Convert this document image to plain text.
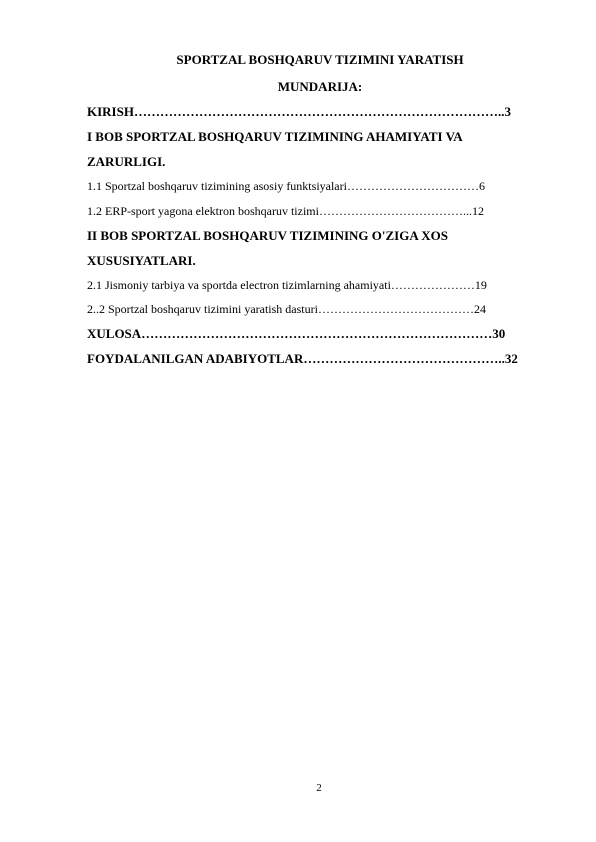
SPORTZAL BOSHQARUV TIZIMINI YARATISH
MUNDARIJA:
KIRISH…………………………………………………………………………..3
I BOB SPORTZAL BOSHQARUV TIZIMINING AHAMIYATI VA
ZARURLIGI.
1.1 Sportzal boshqaruv tizimining asosiy funktsiyalari……………………………6
1.2 ERP-sport yagona elektron boshqaruv tizimi………………………………...12
II BOB SPORTZAL BOSHQARUV TIZIMINING O'ZIGA XOS
XUSUSIYATLARI.
2.1 Jismoniy tarbiya va sportda electron tizimlarning ahamiyati…………………19
2..2 Sportzal boshqaruv tizimini yaratish dasturi…………………………………24
XULOSA………………………………………………………………………30
FOYDALANILGAN ADABIYOTLAR………………………………………..32
2
